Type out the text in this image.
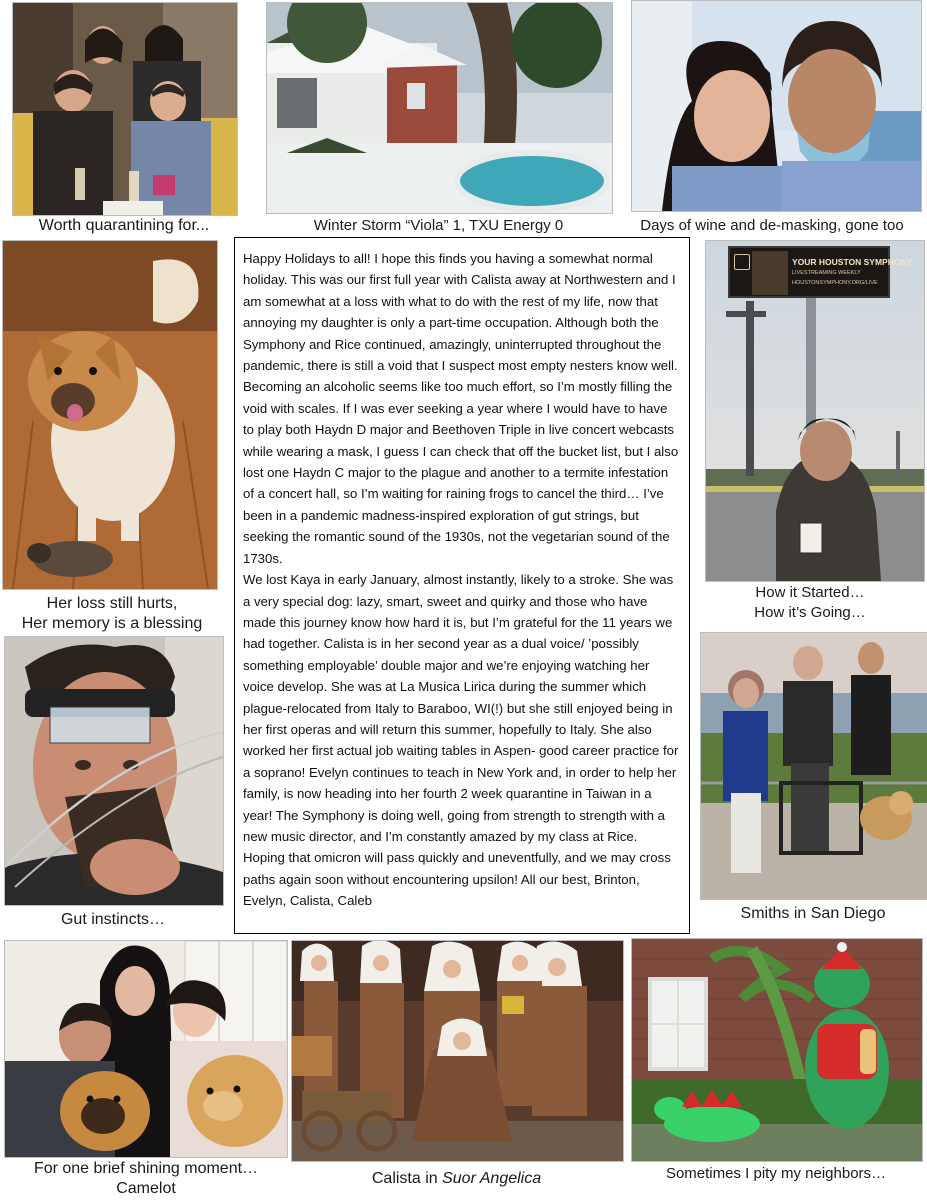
Worth quarantining for...	Winter Storm “Viola” 1, TXU Energy 0	Days of wine and de-masking, gone too
Her loss still hurts,
Her memory is a blessing
Gut instincts…

Happy Holidays to all! I hope this finds you having a somewhat normal holiday. This was our first full year with Calista away at Northwestern and I am somewhat at a loss with what to do with the rest of my life, now that annoying my daughter is only a part-time occupation. Although both the Symphony and Rice continued, amazingly, uninterrupted throughout the pandemic, there is still a void that I suspect most empty nesters know well. Becoming an alcoholic seems like too much effort, so I’m mostly filling the void with scales. If I was ever seeking a year where I would have to have to play both Haydn D major and Beethoven Triple in live concert webcasts while wearing a mask, I guess I can check that off the bucket list, but I also lost one Haydn C major to the plague and another to a termite infestation of a concert hall, so I’m waiting for raining frogs to cancel the third… I’ve been in a pandemic madness-inspired exploration of gut strings, but seeking the romantic sound of the 1930s, not the vegetarian sound of the 1730s.

We lost Kaya in early January, almost instantly, likely to a stroke. She was a very special dog: lazy, smart, sweet and quirky and those who have made this journey know how hard it is, but I’m grateful for the 11 years we had together. Calista is in her second year as a dual voice/ ’possibly something employable’ double major and we’re enjoying watching her voice develop. She was at La Musica Lirica during the summer which plague-relocated from Italy to Baraboo, WI(!) but she still enjoyed being in her first operas and will return this summer, hopefully to Italy. She also worked her first actual job waiting tables in Aspen- good career practice for a soprano! Evelyn continues to teach in New York and, in order to help her family, is now heading into her fourth 2 week quarantine in Taiwan in a year! The Symphony is doing well, going from strength to strength with a new music director, and I’m constantly amazed by my class at Rice. Hoping that omicron will pass quickly and uneventfully, and we may cross paths again soon without encountering upsilon! All our best, Brinton, Evelyn, Calista, Caleb

YOUR HOUSTON SYMPHONY
LIVESTREAMING WEEKLY
HOUSTONSYMPHONY.ORG/LIVE
How it Started…
How it’s Going…
Smiths in San Diego
For one brief shining moment…
Camelot
Calista in Suor Angelica	Sometimes I pity my neighbors…
